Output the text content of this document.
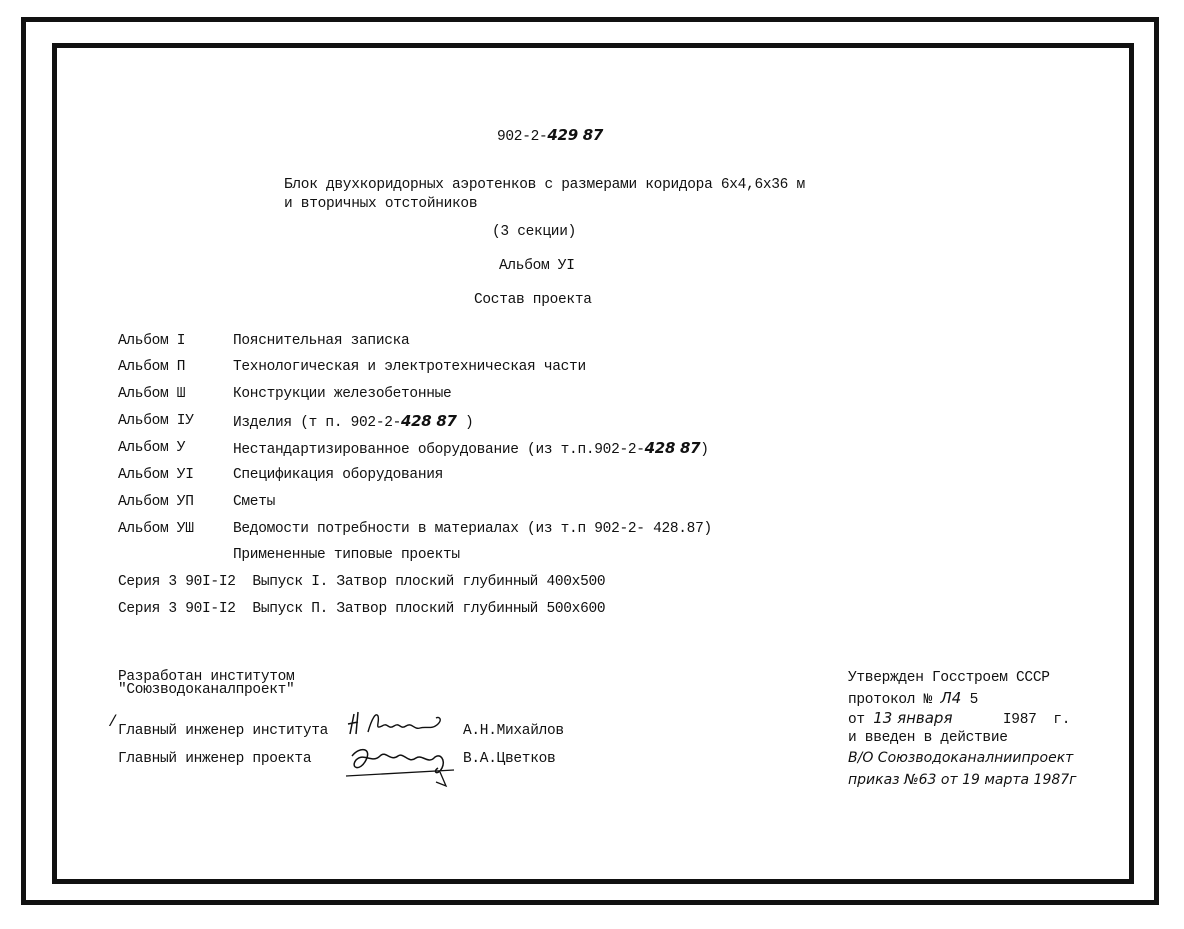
902-2-429 87
Блок двухкоридорных аэротенков с размерами коридора 6x4,6x36 м
и вторичных отстойников
(3 секции)
Альбом УI
Состав проекта
Альбом I	Пояснительная записка
Альбом П	Технологическая и электротехническая части
Альбом Ш	Конструкции железобетонные
Альбом IУ	Изделия (т п. 902-2-428 87 )
Альбом У	Нестандартизированное оборудование (из т.п.902-2-428 87)
Альбом УI	Спецификация оборудования
Альбом УП	Сметы
Альбом УШ	Ведомости потребности в материалах (из т.п 902-2- 428.87)
Примененные типовые проекты
Серия 3 90I-I2  Выпуск I. Затвор плоский глубинный 400x500
Серия 3 90I-I2  Выпуск П. Затвор плоский глубинный 500x600
Разработан институтом
"Союзводоканалпроект"
/ Главный инженер института	А.Н.Михайлов
Главный инженер проекта	В.А.Цветков
Утвержден Госстроем СССР
протокол № Л4 5
от 13 января      I987  г.
и введен в действие
В/О Союзводоканалниипроект
приказ №63 от 19 марта 1987г
